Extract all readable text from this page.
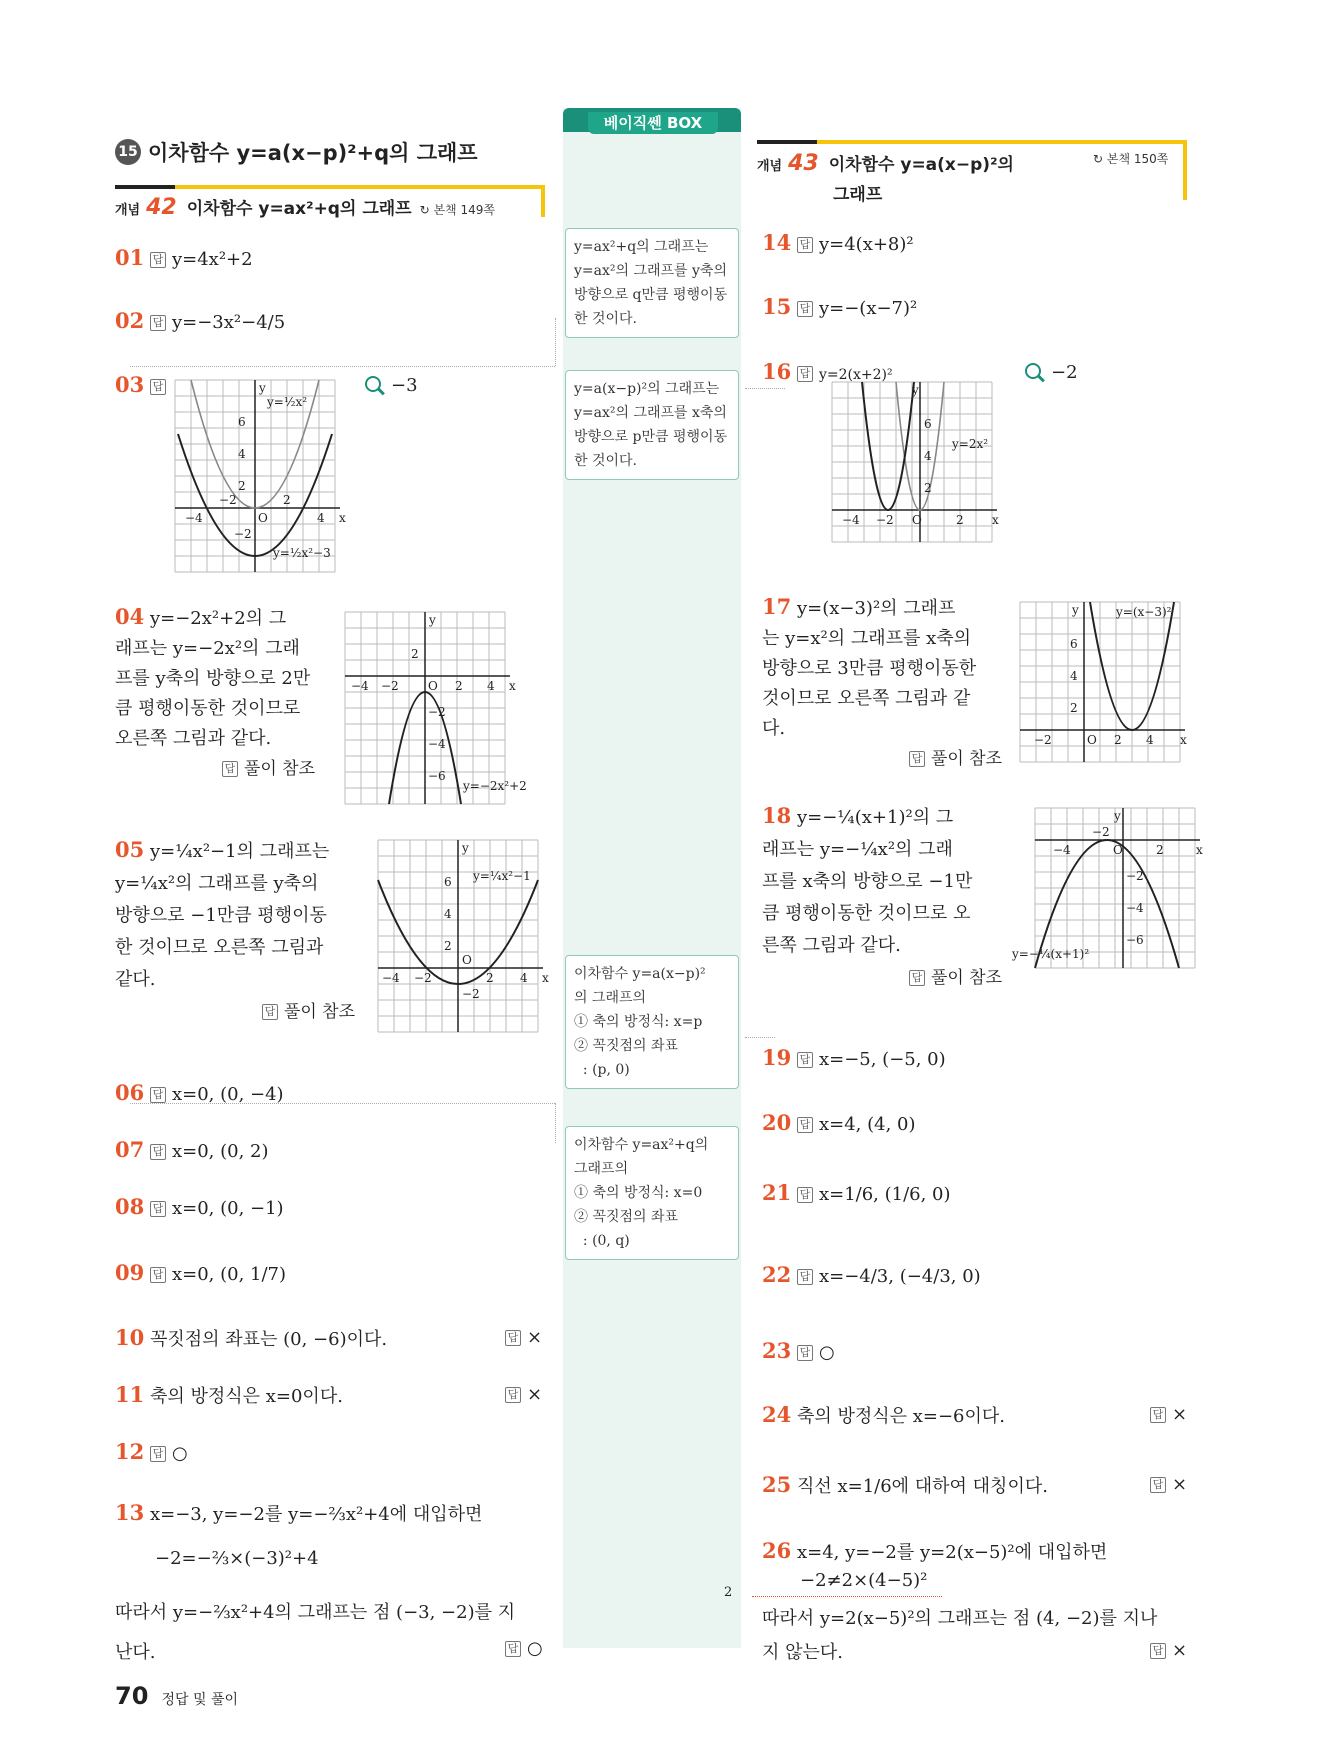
베이직쎈 BOX
y=ax²+q의 그래프는 y=ax²의 그래프를 y축의 방향으로 q만큼 평행이동한 것이다.
y=a(x−p)²의 그래프는 y=ax²의 그래프를 x축의 방향으로 p만큼 평행이동한 것이다.
이차함수 y=a(x−p)²
의 그래프의
① 축의 방정식: x=p
② 꼭짓점의 좌표
: (p, 0)
이차함수 y=ax²+q의
그래프의
① 축의 방정식: x=0
② 꼭짓점의 좌표
: (0, q)
15 이차함수 y=a(x−p)²+q의 그래프
개념 42 이차함수 y=ax²+q의 그래프 ↻ 본책 149쪽
개념 43 이차함수 y=a(x−p)²의
그래프
↻ 본책 150쪽
01 답 y=4x²+2
02 답 y=−3x²−4/5
03 답	−3
y
x
O
6
4
2
−2
−2	2
−4	4
y=½x²
y=½x²−3
04 y=−2x²+2의 그
래프는 y=−2x²의 그래
프를 y축의 방향으로 2만
큼 평행이동한 것이므로
오른쪽 그림과 같다.
답 풀이 참조
y
x
O
2
−2
−4
−6
−4 −2	2 4
y=−2x²+2
05 y=¼x²−1의 그래프는
y=¼x²의 그래프를 y축의
방향으로 −1만큼 평행이동
한 것이므로 오른쪽 그림과
같다.
답 풀이 참조
y
x
O
6
4
2
−2
−4 −2	2 4
y=¼x²−1
06 답 x=0, (0, −4)
07 답 x=0, (0, 2)
08 답 x=0, (0, −1)
09 답 x=0, (0, 1/7)
10 꼭짓점의 좌표는 (0, −6)이다.	답 ×
11 축의 방정식은 x=0이다.	답 ×
12 답 ○
13 x=−3, y=−2를 y=−⅔x²+4에 대입하면
−2=−⅔×(−3)²+4
따라서 y=−⅔x²+4의 그래프는 점 (−3, −2)를 지
난다.	답 ○
14 답 y=4(x+8)²
15 답 y=−(x−7)²
16 답 y=2(x+2)²	−2
y
x
O
6
4
2
−4 −2	2
y=2x²
17 y=(x−3)²의 그래프
는 y=x²의 그래프를 x축의
방향으로 3만큼 평행이동한
것이므로 오른쪽 그림과 같
다.
답 풀이 참조
y
x
O
6
4
2
−2	2 4
y=(x−3)²
18 y=−¼(x+1)²의 그
래프는 y=−¼x²의 그래
프를 x축의 방향으로 −1만
큼 평행이동한 것이므로 오
른쪽 그림과 같다.
답 풀이 참조
y
x
O
−2
−4	2
−2
−4
−6
y=−¼(x+1)²
19 답 x=−5, (−5, 0)
20 답 x=4, (4, 0)
21 답 x=1/6, (1/6, 0)
22 답 x=−4/3, (−4/3, 0)
23 답 ○
24 축의 방정식은 x=−6이다.	답 ×
25 직선 x=1/6에 대하여 대칭이다.	답 ×
26 x=4, y=−2를 y=2(x−5)²에 대입하면
−2≠2×(4−5)²
2
따라서 y=2(x−5)²의 그래프는 점 (4, −2)를 지나
지 않는다.	답 ×
70 정답 및 풀이
